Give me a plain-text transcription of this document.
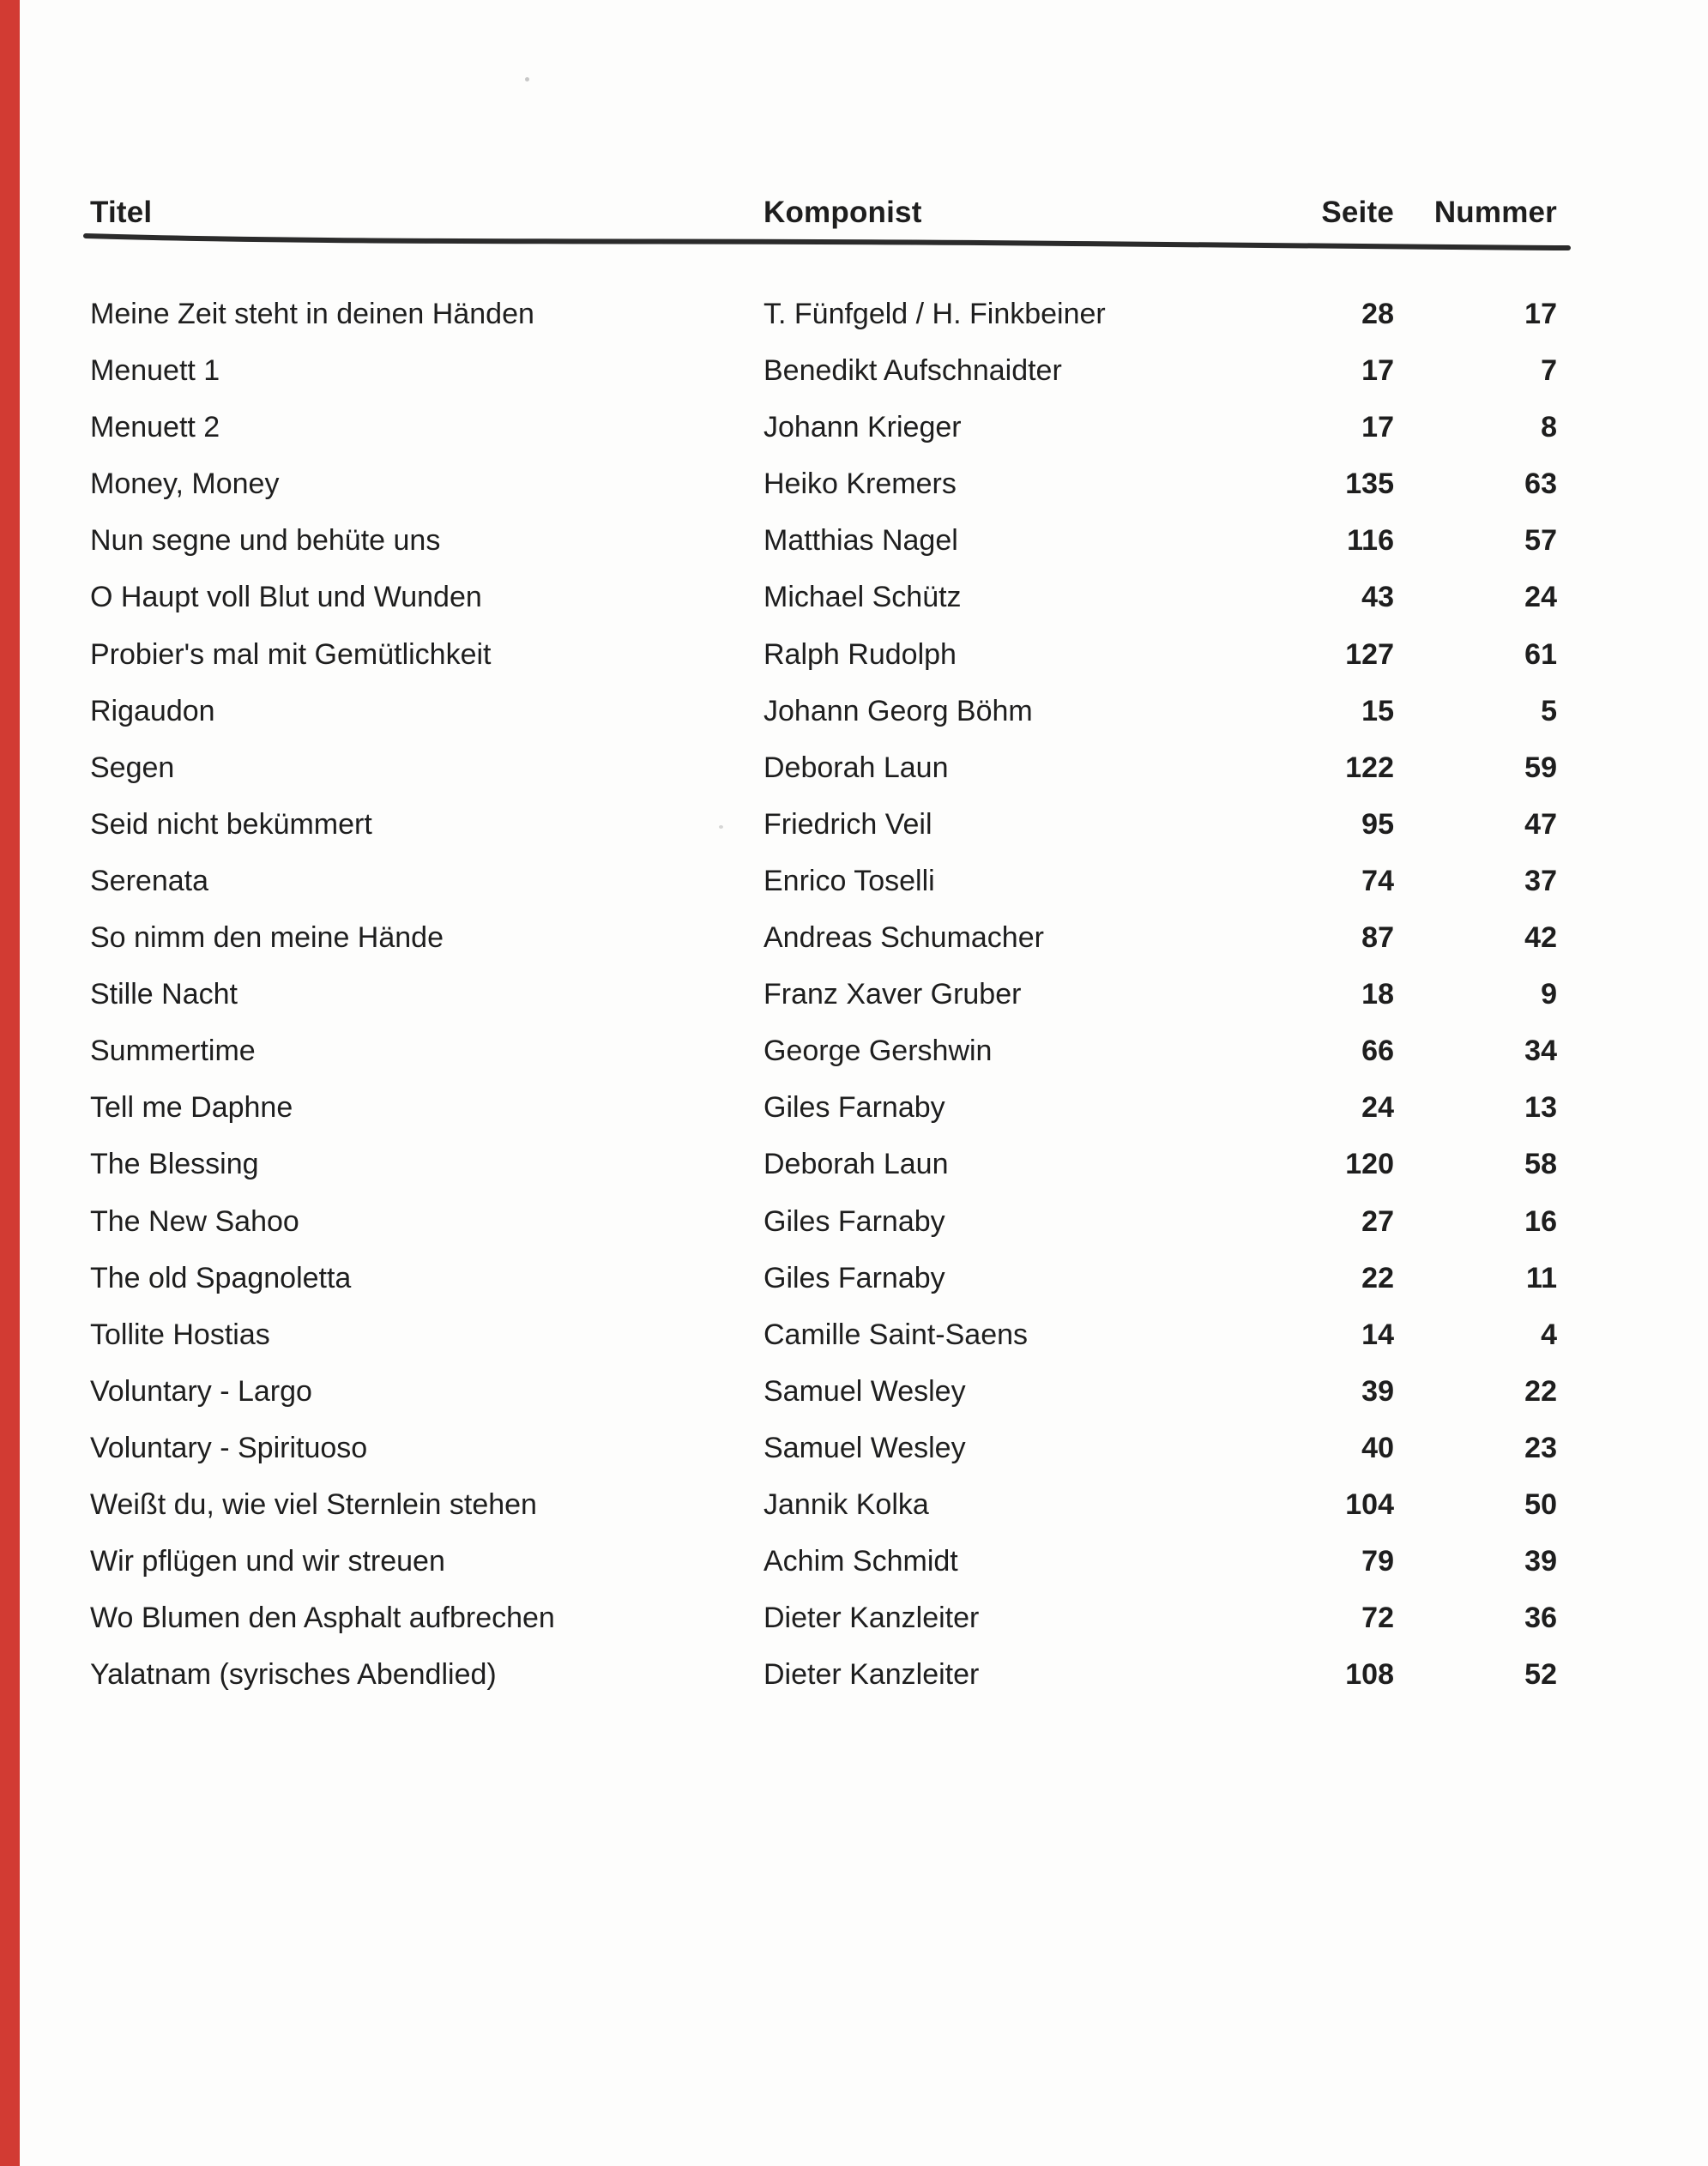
Titel	Komponist	Seite	Nummer
Meine Zeit steht in deinen Händen	T. Fünfgeld / H. Finkbeiner	28	17
Menuett 1	Benedikt Aufschnaidter	17	7
Menuett 2	Johann Krieger	17	8
Money, Money	Heiko Kremers	135	63
Nun segne und behüte uns	Matthias Nagel	116	57
O Haupt voll Blut und Wunden	Michael Schütz	43	24
Probier's mal mit Gemütlichkeit	Ralph Rudolph	127	61
Rigaudon	Johann Georg Böhm	15	5
Segen	Deborah Laun	122	59
Seid nicht bekümmert	Friedrich Veil	95	47
Serenata	Enrico Toselli	74	37
So nimm den meine Hände	Andreas Schumacher	87	42
Stille Nacht	Franz Xaver Gruber	18	9
Summertime	George Gershwin	66	34
Tell me Daphne	Giles Farnaby	24	13
The Blessing	Deborah Laun	120	58
The New Sahoo	Giles Farnaby	27	16
The old Spagnoletta	Giles Farnaby	22	11
Tollite Hostias	Camille Saint-Saens	14	4
Voluntary - Largo	Samuel Wesley	39	22
Voluntary - Spirituoso	Samuel Wesley	40	23
Weißt du, wie viel Sternlein stehen	Jannik Kolka	104	50
Wir pflügen und wir streuen	Achim Schmidt	79	39
Wo Blumen den Asphalt aufbrechen	Dieter Kanzleiter	72	36
Yalatnam (syrisches Abendlied)	Dieter Kanzleiter	108	52
